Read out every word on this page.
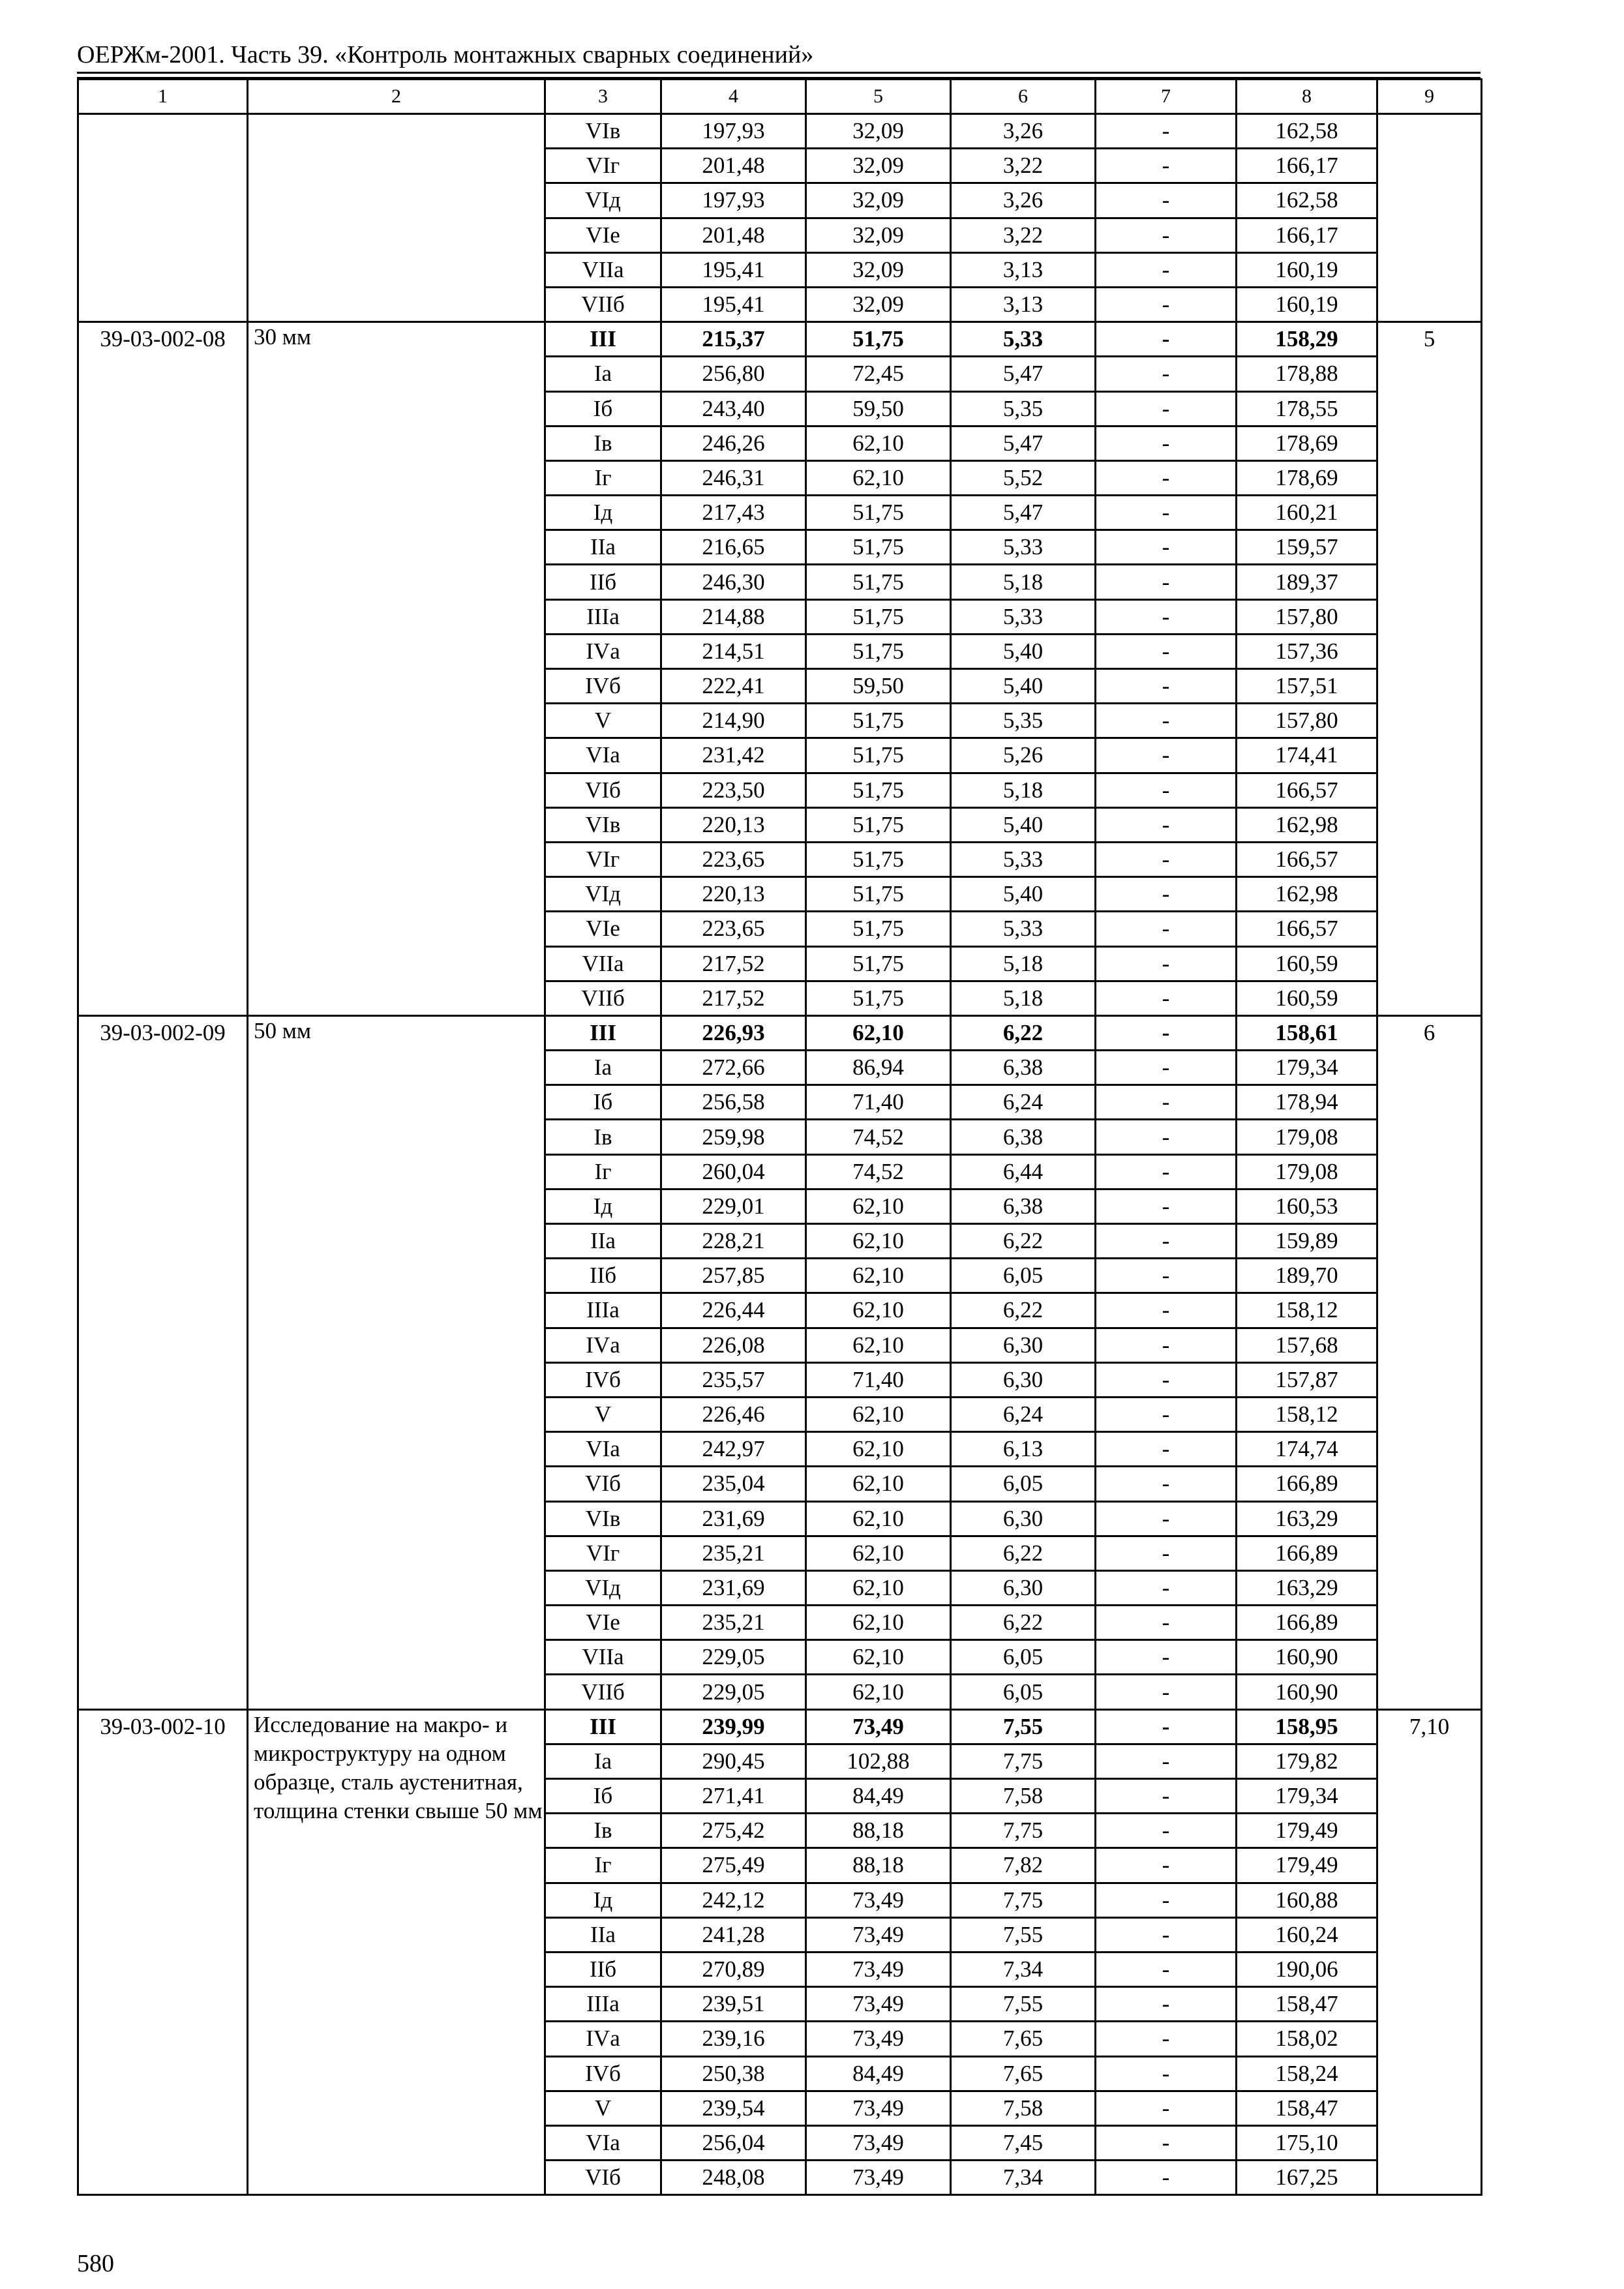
ОЕРЖм-2001. Часть 39. «Контроль монтажных сварных соединений»
1	2	3	4	5	6	7	8	9
		VIв	197,93	32,09	3,26	-	162,58	
		VIг	201,48	32,09	3,22	-	166,17	
		VIд	197,93	32,09	3,26	-	162,58	
		VIе	201,48	32,09	3,22	-	166,17	
		VIIа	195,41	32,09	3,13	-	160,19	
		VIIб	195,41	32,09	3,13	-	160,19	
39-03-002-08	30 мм	III	215,37	51,75	5,33	-	158,29	5
		Iа	256,80	72,45	5,47	-	178,88	
		Iб	243,40	59,50	5,35	-	178,55	
		Iв	246,26	62,10	5,47	-	178,69	
		Iг	246,31	62,10	5,52	-	178,69	
		Iд	217,43	51,75	5,47	-	160,21	
		IIа	216,65	51,75	5,33	-	159,57	
		IIб	246,30	51,75	5,18	-	189,37	
		IIIа	214,88	51,75	5,33	-	157,80	
		IVа	214,51	51,75	5,40	-	157,36	
		IVб	222,41	59,50	5,40	-	157,51	
		V	214,90	51,75	5,35	-	157,80	
		VIа	231,42	51,75	5,26	-	174,41	
		VIб	223,50	51,75	5,18	-	166,57	
		VIв	220,13	51,75	5,40	-	162,98	
		VIг	223,65	51,75	5,33	-	166,57	
		VIд	220,13	51,75	5,40	-	162,98	
		VIе	223,65	51,75	5,33	-	166,57	
		VIIа	217,52	51,75	5,18	-	160,59	
		VIIб	217,52	51,75	5,18	-	160,59	
39-03-002-09	50 мм	III	226,93	62,10	6,22	-	158,61	6
		Iа	272,66	86,94	6,38	-	179,34	
		Iб	256,58	71,40	6,24	-	178,94	
		Iв	259,98	74,52	6,38	-	179,08	
		Iг	260,04	74,52	6,44	-	179,08	
		Iд	229,01	62,10	6,38	-	160,53	
		IIа	228,21	62,10	6,22	-	159,89	
		IIб	257,85	62,10	6,05	-	189,70	
		IIIа	226,44	62,10	6,22	-	158,12	
		IVа	226,08	62,10	6,30	-	157,68	
		IVб	235,57	71,40	6,30	-	157,87	
		V	226,46	62,10	6,24	-	158,12	
		VIа	242,97	62,10	6,13	-	174,74	
		VIб	235,04	62,10	6,05	-	166,89	
		VIв	231,69	62,10	6,30	-	163,29	
		VIг	235,21	62,10	6,22	-	166,89	
		VIд	231,69	62,10	6,30	-	163,29	
		VIе	235,21	62,10	6,22	-	166,89	
		VIIа	229,05	62,10	6,05	-	160,90	
		VIIб	229,05	62,10	6,05	-	160,90	
39-03-002-10	Исследование на макро- и микроструктуру на одном образце, сталь аустенитная, толщина стенки свыше 50 мм	III	239,99	73,49	7,55	-	158,95	7,10
		Iа	290,45	102,88	7,75	-	179,82	
		Iб	271,41	84,49	7,58	-	179,34	
		Iв	275,42	88,18	7,75	-	179,49	
		Iг	275,49	88,18	7,82	-	179,49	
		Iд	242,12	73,49	7,75	-	160,88	
		IIа	241,28	73,49	7,55	-	160,24	
		IIб	270,89	73,49	7,34	-	190,06	
		IIIа	239,51	73,49	7,55	-	158,47	
		IVа	239,16	73,49	7,65	-	158,02	
		IVб	250,38	84,49	7,65	-	158,24	
		V	239,54	73,49	7,58	-	158,47	
		VIа	256,04	73,49	7,45	-	175,10	
		VIб	248,08	73,49	7,34	-	167,25	
580
